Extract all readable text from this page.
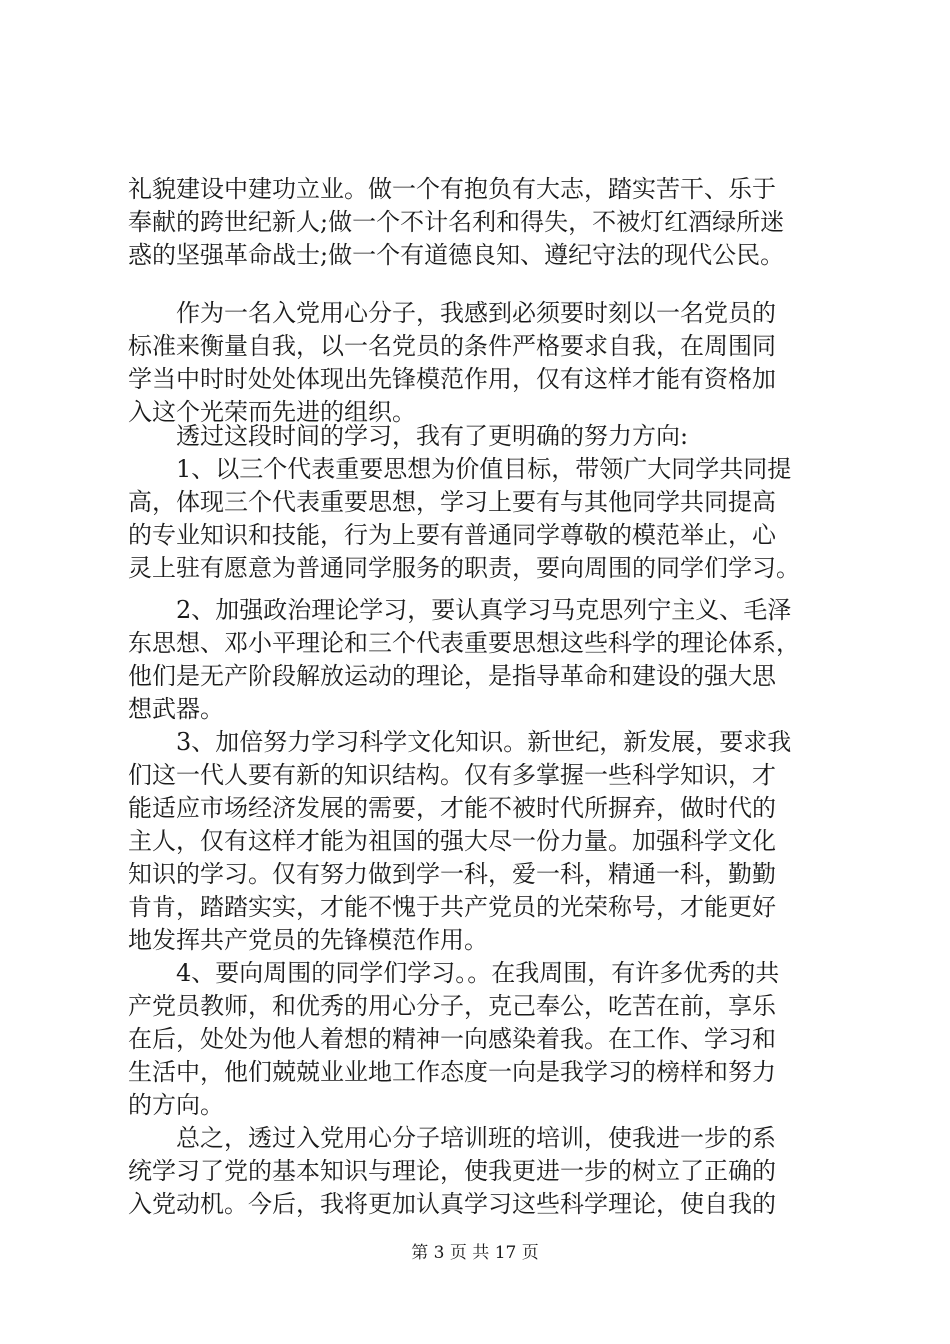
礼貌建设中建功立业。做一个有抱负有大志，踏实苦干、乐于
奉献的跨世纪新人;做一个不计名利和得失，不被灯红酒绿所迷
惑的坚强革命战士;做一个有道德良知、遵纪守法的现代公民。
　　作为一名入党用心分子，我感到必须要时刻以一名党员的
标准来衡量自我，以一名党员的条件严格要求自我，在周围同
学当中时时处处体现出先锋模范作用，仅有这样才能有资格加
入这个光荣而先进的组织。
　　透过这段时间的学习，我有了更明确的努力方向:
　　1、以三个代表重要思想为价值目标，带领广大同学共同提
高，体现三个代表重要思想，学习上要有与其他同学共同提高
的专业知识和技能，行为上要有普通同学尊敬的模范举止，心
灵上驻有愿意为普通同学服务的职责，要向周围的同学们学习。
　　2、加强政治理论学习，要认真学习马克思列宁主义、毛泽
东思想、邓小平理论和三个代表重要思想这些科学的理论体系，
他们是无产阶段解放运动的理论，是指导革命和建设的强大思
想武器。
　　3、加倍努力学习科学文化知识。新世纪，新发展，要求我
们这一代人要有新的知识结构。仅有多掌握一些科学知识，才
能适应市场经济发展的需要，才能不被时代所摒弃，做时代的
主人，仅有这样才能为祖国的强大尽一份力量。加强科学文化
知识的学习。仅有努力做到学一科，爱一科，精通一科，勤勤
肯肯，踏踏实实，才能不愧于共产党员的光荣称号，才能更好
地发挥共产党员的先锋模范作用。
　　4、要向周围的同学们学习。。在我周围，有许多优秀的共
产党员教师，和优秀的用心分子，克己奉公，吃苦在前，享乐
在后，处处为他人着想的精神一向感染着我。在工作、学习和
生活中，他们兢兢业业地工作态度一向是我学习的榜样和努力
的方向。
　　总之，透过入党用心分子培训班的培训，使我进一步的系
统学习了党的基本知识与理论，使我更进一步的树立了正确的
入党动机。今后，我将更加认真学习这些科学理论，使自我的
第 3 页 共 17 页
